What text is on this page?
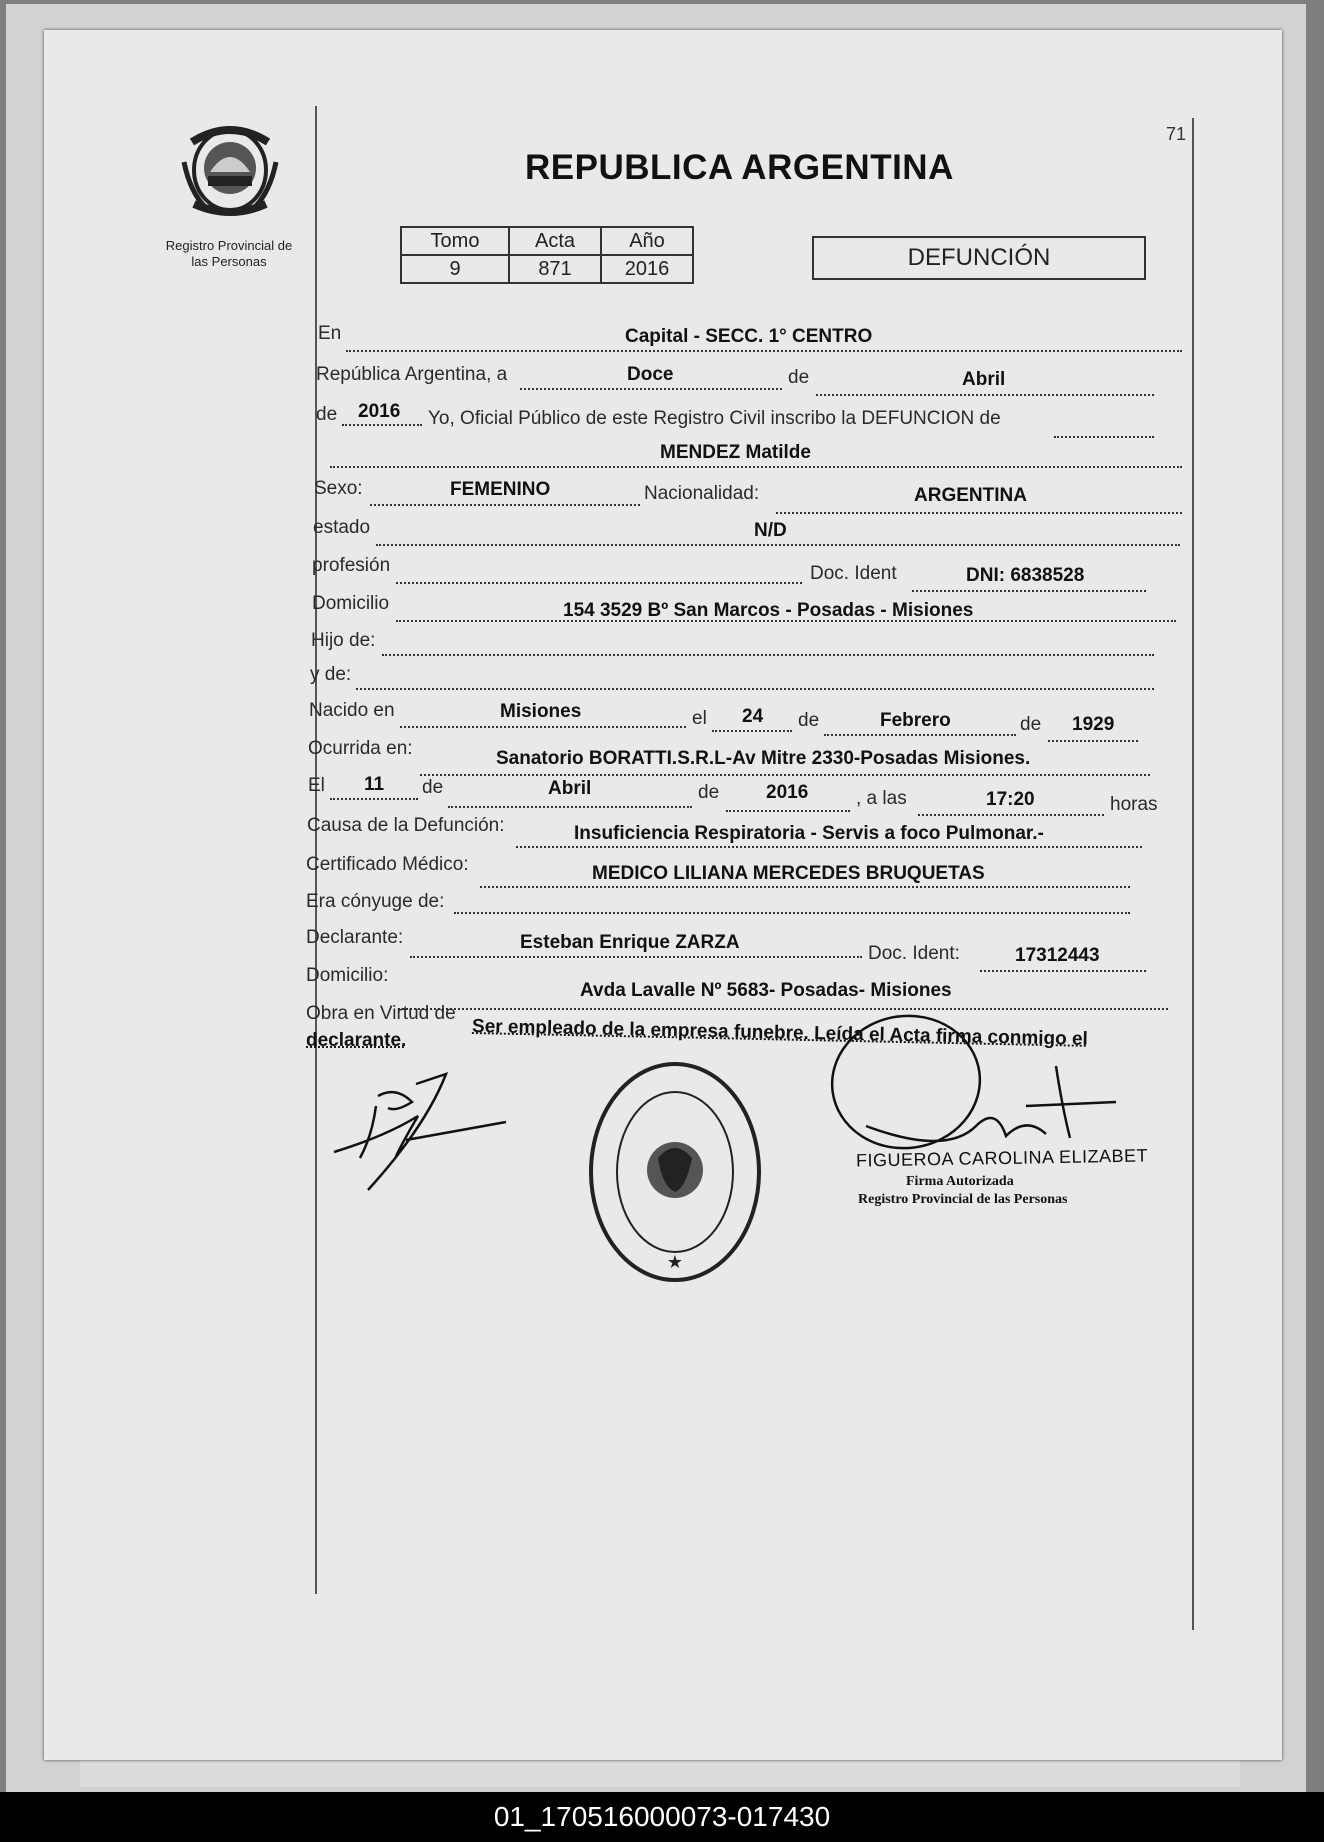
71
Registro Provincial de
las Personas
REPUBLICA ARGENTINA
Tomo	Acta	Año
9	871	2016	DEFUNCIÓN
En	Capital - SECC. 1° CENTRO
República Argentina, a	Doce	de	Abril
de 2016 Yo, Oficial Público de este Registro Civil inscribo la DEFUNCION de
MENDEZ Matilde
Sexo:	FEMENINO	Nacionalidad:	ARGENTINA
estado	N/D
profesión	Doc. Ident	DNI: 6838528
Domicilio	154 3529 Bº San Marcos - Posadas - Misiones
Hijo de:
y de:
Nacido en	Misiones	el 24 de	Febrero	de 1929
Ocurrida en:	Sanatorio BORATTI.S.R.L-Av Mitre 2330-Posadas Misiones.
El 11 de	Abril	de 2016	, a las	17:20	horas
Causa de la Defunción:	Insuficiencia Respiratoria - Servis a foco Pulmonar.-
Certificado Médico:	MEDICO LILIANA MERCEDES BRUQUETAS
Era cónyuge de:
Declarante:	Esteban Enrique ZARZA
Doc. Ident:	17312443
Domicilio:
Avda Lavalle Nº 5683- Posadas- Misiones
Obra en Virtud de
Ser empleado de la empresa funebre. Leída el Acta firma conmigo el
declarante.
★
FIGUEROA CAROLINA ELIZABET
Firma Autorizada
Registro Provincial de las Personas
01_170516000073-017430
